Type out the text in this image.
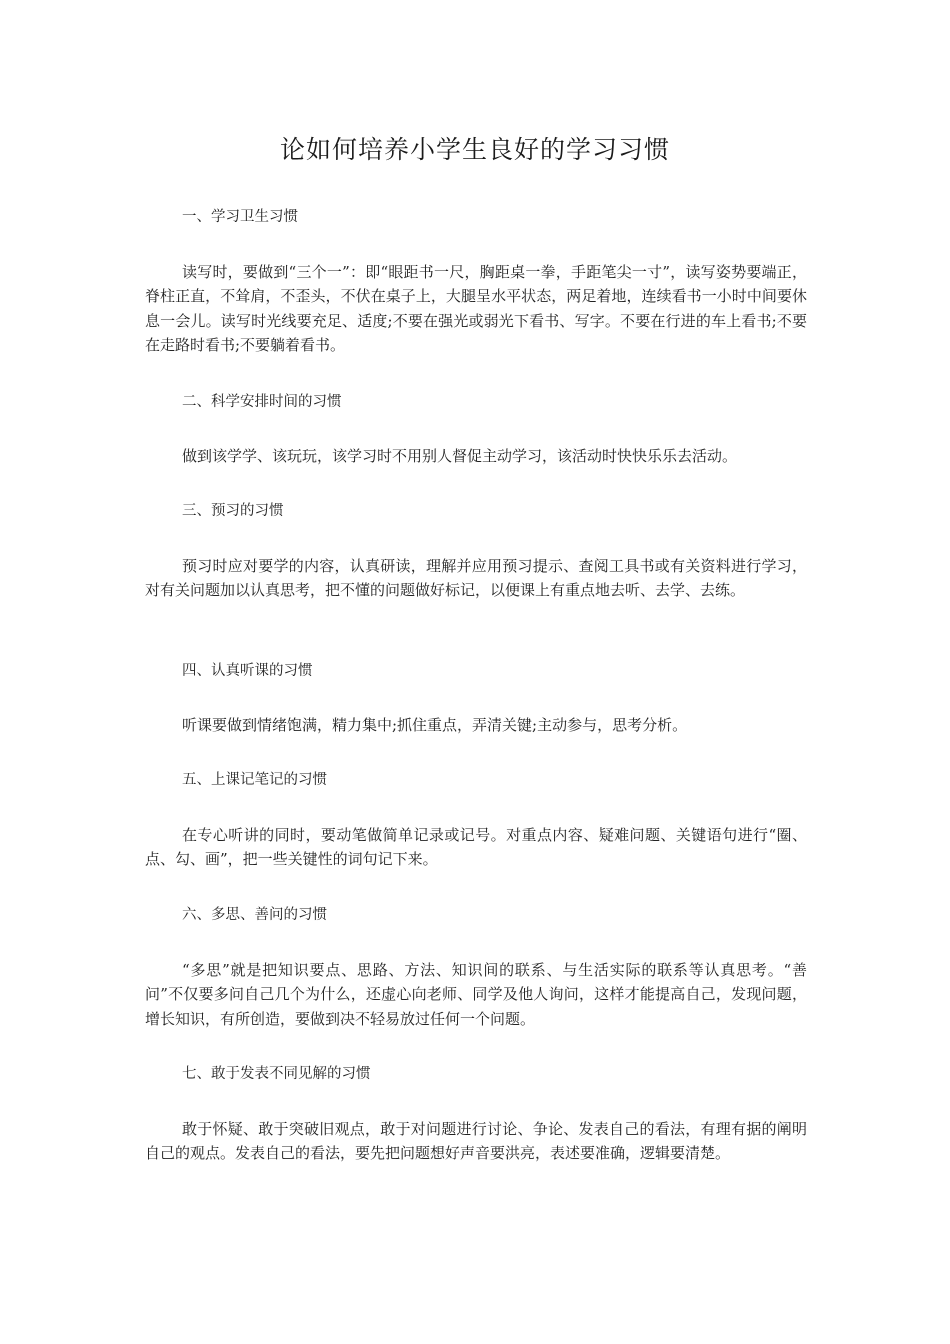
论如何培养小学生良好的学习习惯
一、学习卫生习惯
读写时，要做到“三个一”：即“眼距书一尺，胸距桌一拳，手距笔尖一寸”，读写姿势要端正，脊柱正直，不耸肩，不歪头，不伏在桌子上，大腿呈水平状态，两足着地，连续看书一小时中间要休息一会儿。读写时光线要充足、适度;不要在强光或弱光下看书、写字。不要在行进的车上看书;不要在走路时看书;不要躺着看书。
二、科学安排时间的习惯
做到该学学、该玩玩，该学习时不用别人督促主动学习，该活动时快快乐乐去活动。
三、预习的习惯
预习时应对要学的内容，认真研读，理解并应用预习提示、查阅工具书或有关资料进行学习，对有关问题加以认真思考，把不懂的问题做好标记，以便课上有重点地去听、去学、去练。
四、认真听课的习惯
听课要做到情绪饱满，精力集中;抓住重点，弄清关键;主动参与，思考分析。
五、上课记笔记的习惯
在专心听讲的同时，要动笔做简单记录或记号。对重点内容、疑难问题、关键语句进行“圈、点、勾、画”，把一些关键性的词句记下来。
六、多思、善问的习惯
“多思”就是把知识要点、思路、方法、知识间的联系、与生活实际的联系等认真思考。“善问”不仅要多问自己几个为什么，还虚心向老师、同学及他人询问，这样才能提高自己，发现问题，增长知识，有所创造，要做到决不轻易放过任何一个问题。
七、敢于发表不同见解的习惯
敢于怀疑、敢于突破旧观点，敢于对问题进行讨论、争论、发表自己的看法，有理有据的阐明自己的观点。发表自己的看法，要先把问题想好声音要洪亮，表述要准确，逻辑要清楚。
